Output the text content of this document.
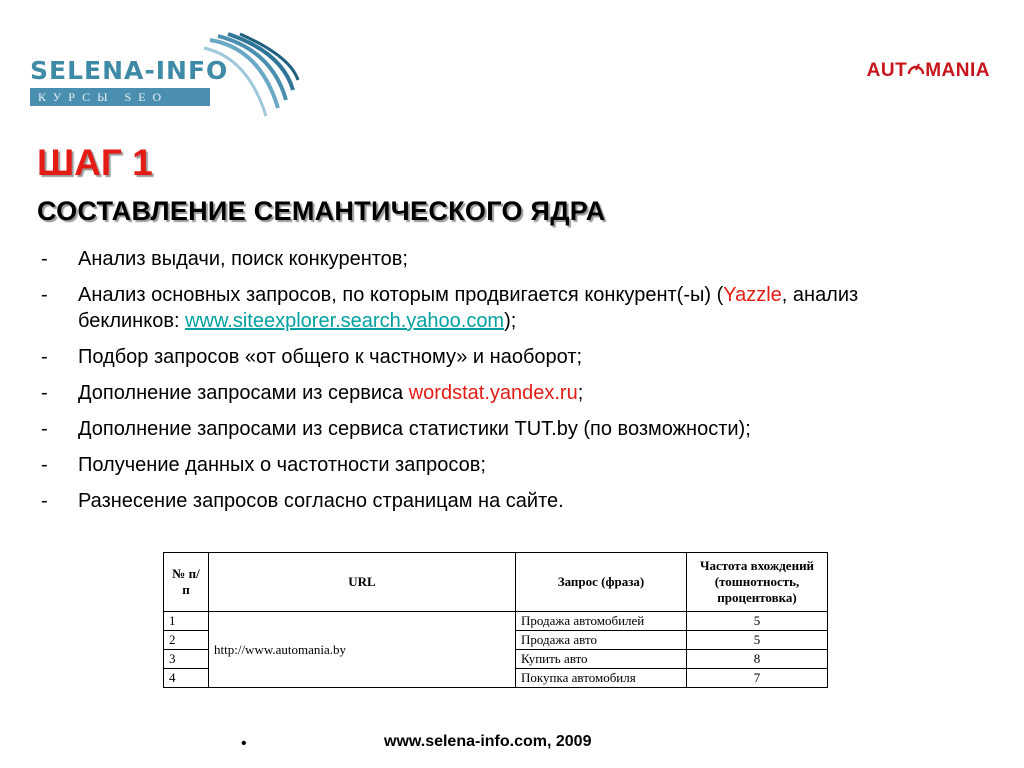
SELENA-INFO
КУРСЫ SEO
AUT MANIA
ШАГ 1
СОСТАВЛЕНИЕ СЕМАНТИЧЕСКОГО ЯДРА
- Анализ выдачи, поиск конкурентов;
- Анализ основных запросов, по которым продвигается конкурент(-ы) (Yazzle, анализ беклинков: www.siteexplorer.search.yahoo.com);
- Подбор запросов «от общего к частному» и наоборот;
- Дополнение запросами из сервиса wordstat.yandex.ru;
- Дополнение запросами из сервиса статистики TUT.by (по возможности);
- Получение данных о частотности запросов;
- Разнесение запросов согласно страницам на сайте.
№ п/п	URL	Запрос (фраза)	Частота вхождений (тошнотность, процентовка)
1	http://www.automania.by	Продажа автомобилей	5
2		Продажа авто	5
3		Купить авто	8
4		Покупка автомобиля	7
•	www.selena-info.com, 2009
